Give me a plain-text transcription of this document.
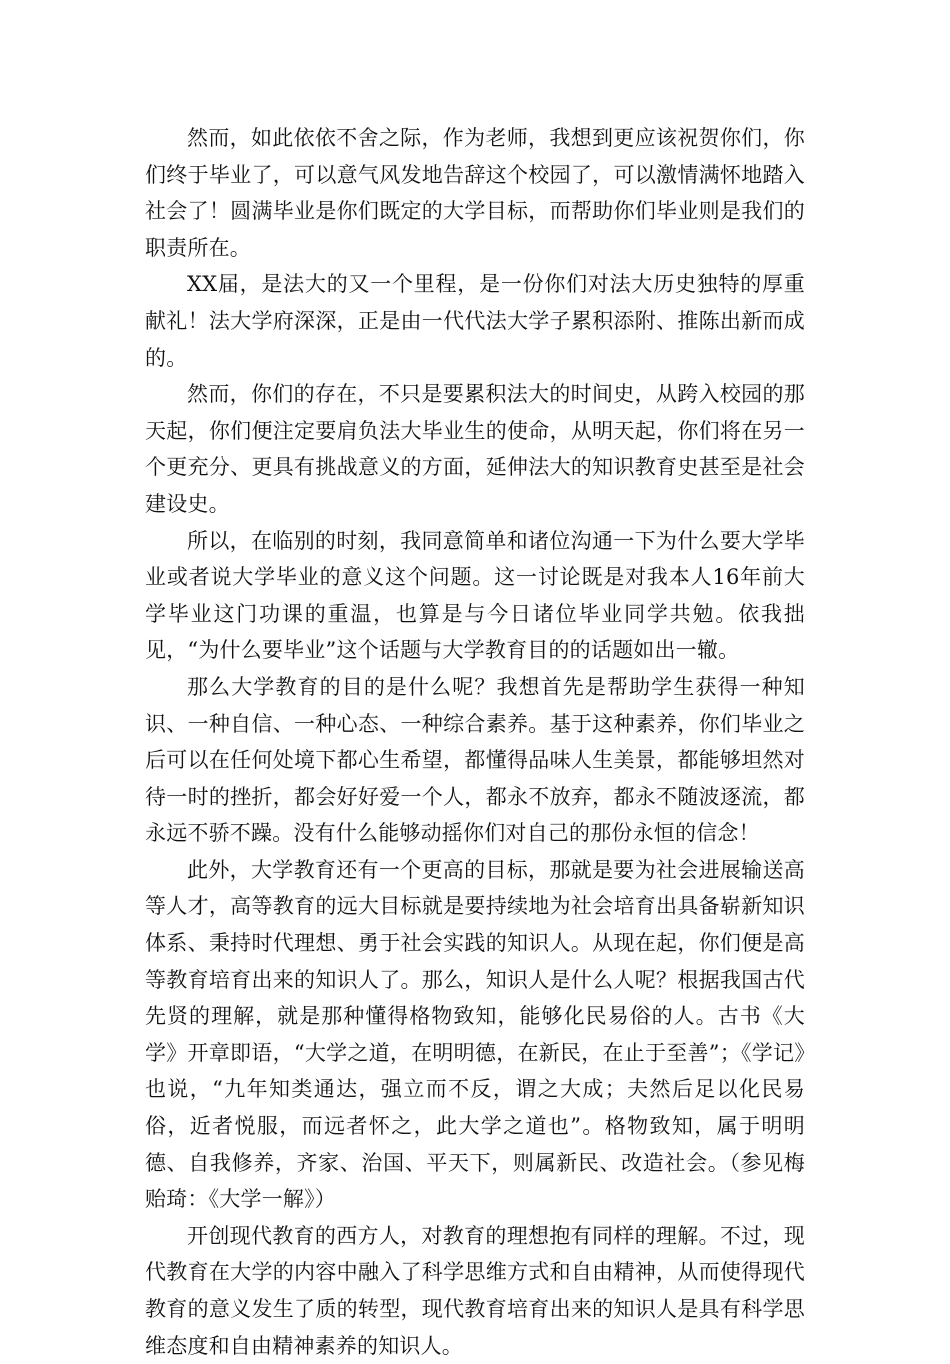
然而，如此依依不舍之际，作为老师，我想到更应该祝贺你们，你们终于毕业了，可以意气风发地告辞这个校园了，可以激情满怀地踏入社会了！圆满毕业是你们既定的大学目标，而帮助你们毕业则是我们的职责所在。

XX届，是法大的又一个里程，是一份你们对法大历史独特的厚重献礼！法大学府深深，正是由一代代法大学子累积添附、推陈出新而成的。

然而，你们的存在，不只是要累积法大的时间史，从跨入校园的那天起，你们便注定要肩负法大毕业生的使命，从明天起，你们将在另一个更充分、更具有挑战意义的方面，延伸法大的知识教育史甚至是社会建设史。

所以，在临别的时刻，我同意简单和诸位沟通一下为什么要大学毕业或者说大学毕业的意义这个问题。这一讨论既是对我本人16年前大学毕业这门功课的重温，也算是与今日诸位毕业同学共勉。依我拙见，“为什么要毕业”这个话题与大学教育目的的话题如出一辙。

那么大学教育的目的是什么呢？我想首先是帮助学生获得一种知识、一种自信、一种心态、一种综合素养。基于这种素养，你们毕业之后可以在任何处境下都心生希望，都懂得品味人生美景，都能够坦然对待一时的挫折，都会好好爱一个人，都永不放弃，都永不随波逐流，都永远不骄不躁。没有什么能够动摇你们对自己的那份永恒的信念！

此外，大学教育还有一个更高的目标，那就是要为社会进展输送高等人才，高等教育的远大目标就是要持续地为社会培育出具备崭新知识体系、秉持时代理想、勇于社会实践的知识人。从现在起，你们便是高等教育培育出来的知识人了。那么，知识人是什么人呢？根据我国古代先贤的理解，就是那种懂得格物致知，能够化民易俗的人。古书《大学》开章即语，“大学之道，在明明德，在新民，在止于至善”；《学记》也说，“九年知类通达，强立而不反，谓之大成；夫然后足以化民易俗，近者悦服，而远者怀之，此大学之道也”。格物致知，属于明明德、自我修养，齐家、治国、平天下，则属新民、改造社会。（参见梅贻琦：《大学一解》）

开创现代教育的西方人，对教育的理想抱有同样的理解。不过，现代教育在大学的内容中融入了科学思维方式和自由精神，从而使得现代教育的意义发生了质的转型，现代教育培育出来的知识人是具有科学思维态度和自由精神素养的知识人。
